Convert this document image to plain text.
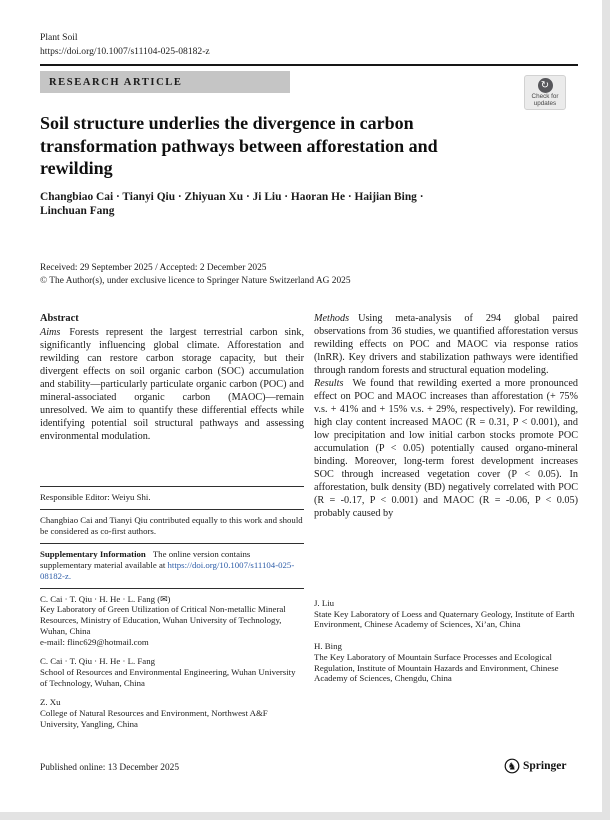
Plant Soil
https://doi.org/10.1007/s11104-025-08182-z
RESEARCH ARTICLE	↻
Check for
updates
Soil structure underlies the divergence in carbon transformation pathways between afforestation and rewilding
Changbiao Cai · Tianyi Qiu · Zhiyuan Xu · Ji Liu · Haoran He · Haijian Bing · Linchuan Fang
Received: 29 September 2025 / Accepted: 2 December 2025
© The Author(s), under exclusive licence to Springer Nature Switzerland AG 2025
Abstract

Aims Forests represent the largest terrestrial carbon sink, significantly influencing global climate. Afforestation and rewilding can restore carbon storage capacity, but their divergent effects on soil organic carbon (SOC) accumulation and stability—particularly particulate organic carbon (POC) and mineral-associated organic carbon (MAOC)—remain unresolved. We aim to quantify these differential effects while identifying potential soil structural pathways and assessing environmental modulation.

Methods Using meta-analysis of 294 global paired observations from 36 studies, we quantified afforestation versus rewilding effects on POC and MAOC via response ratios (lnRR). Key drivers and stabilization pathways were identified through random forests and structural equation modeling.

Results We found that rewilding exerted a more pronounced effect on POC and MAOC increases than afforestation (+ 75% v.s. + 41% and + 15% v.s. + 29%, respectively). For rewilding, high clay content increased MAOC (R = 0.31, P < 0.001), and low precipitation and low initial carbon stocks promote POC accumulation (P < 0.05) potentially caused organo-mineral binding. Moreover, long-term forest development increases SOC through increased vegetation cover (P < 0.05). In afforestation, bulk density (BD) negatively correlated with POC (R = -0.17, P < 0.001) and MAOC (R = -0.06, P < 0.05) probably caused by

Responsible Editor: Weiyu Shi.

Changbiao Cai and Tianyi Qiu contributed equally to this work and should be considered as co-first authors.

Supplementary Information The online version contains supplementary material available at https://doi.org/10.1007/s11104-025-08182-z.

C. Cai · T. Qiu · H. He · L. Fang (✉)
Key Laboratory of Green Utilization of Critical Non-metallic Mineral Resources, Ministry of Education, Wuhan University of Technology, Wuhan, China
e-mail: flinc629@hotmail.com
C. Cai · T. Qiu · H. He · L. Fang
School of Resources and Environmental Engineering, Wuhan University of Technology, Wuhan, China
Z. Xu
College of Natural Resources and Environment, Northwest A&F University, Yangling, China
J. Liu
State Key Laboratory of Loess and Quaternary Geology, Institute of Earth Environment, Chinese Academy of Sciences, Xi’an, China
H. Bing
The Key Laboratory of Mountain Surface Processes and Ecological Regulation, Institute of Mountain Hazards and Environment, Chinese Academy of Sciences, Chengdu, China
Published online: 13 December 2025	♞ Springer
